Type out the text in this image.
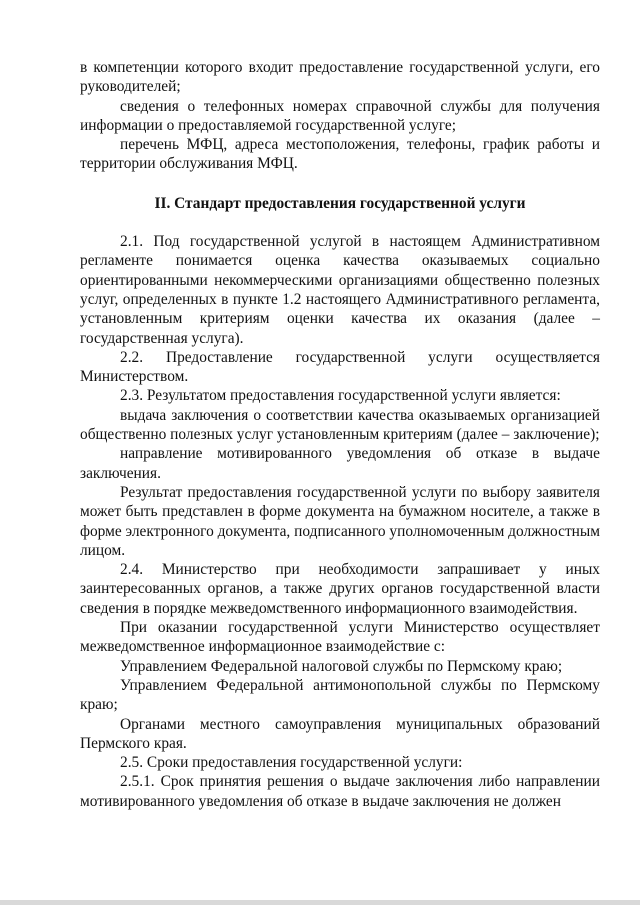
в компетенции которого входит предоставление государственной услуги, его руководителей;

сведения о телефонных номерах справочной службы для получения информации о предоставляемой государственной услуге;

перечень МФЦ, адреса местоположения, телефоны, график работы и территории обслуживания МФЦ.

II. Стандарт предоставления государственной услуги

2.1. Под государственной услугой в настоящем Административном регламенте понимается оценка качества оказываемых социально ориентированными некоммерческими организациями общественно полезных услуг, определенных в пункте 1.2 настоящего Административного регламента, установленным критериям оценки качества их оказания (далее – государственная услуга).

2.2. Предоставление государственной услуги осуществляется Министерством.

2.3. Результатом предоставления государственной услуги является:

выдача заключения о соответствии качества оказываемых организацией общественно полезных услуг установленным критериям (далее – заключение);

направление мотивированного уведомления об отказе в выдаче заключения.

Результат предоставления государственной услуги по выбору заявителя может быть представлен в форме документа на бумажном носителе, а также в форме электронного документа, подписанного уполномоченным должностным лицом.

2.4. Министерство при необходимости запрашивает у иных заинтересованных органов, а также других органов государственной власти сведения в порядке межведомственного информационного взаимодействия.

При оказании государственной услуги Министерство осуществляет межведомственное информационное взаимодействие с:

Управлением Федеральной налоговой службы по Пермскому краю;

Управлением Федеральной антимонопольной службы по Пермскому краю;

Органами местного самоуправления муниципальных образований Пермского края.

2.5. Сроки предоставления государственной услуги:

2.5.1. Срок принятия решения о выдаче заключения либо направлении мотивированного уведомления об отказе в выдаче заключения не должен
